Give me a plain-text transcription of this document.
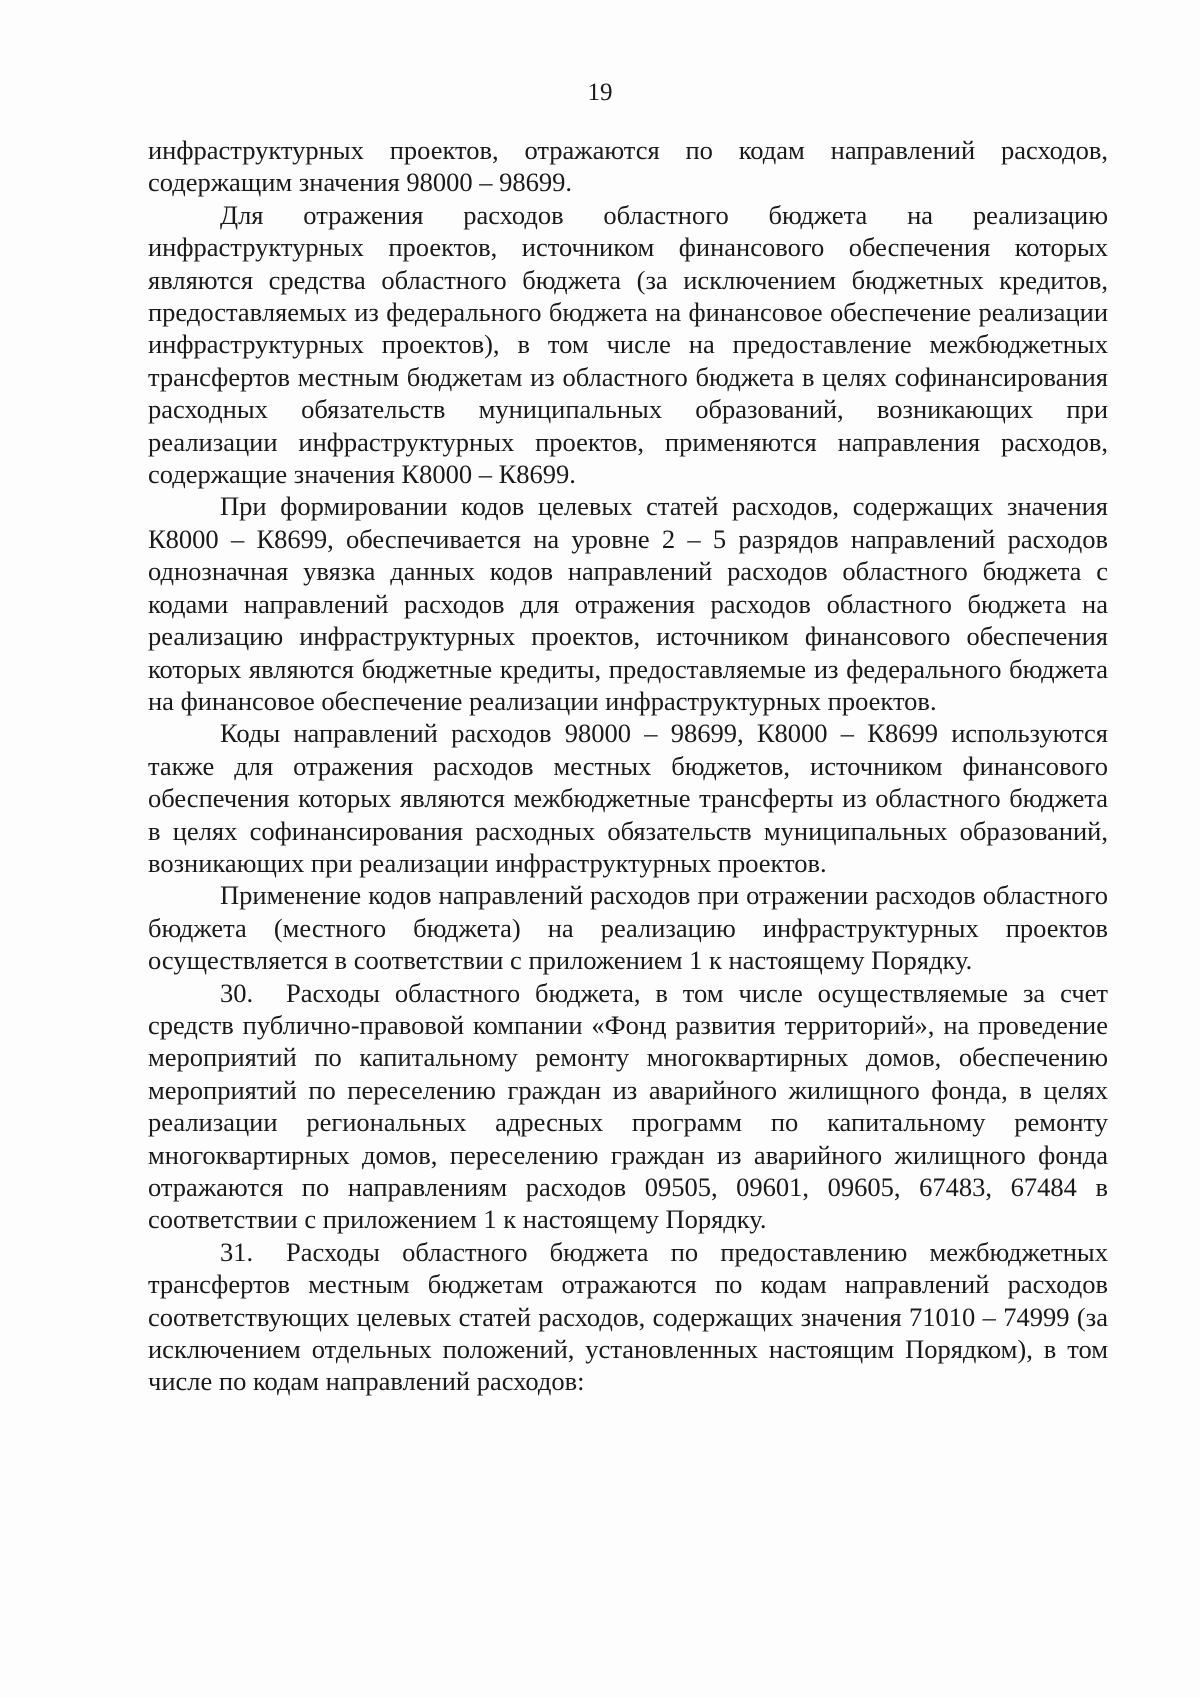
19

инфраструктурных проектов, отражаются по кодам направлений расходов, содержащим значения 98000 – 98699.

Для отражения расходов областного бюджета на реализацию инфраструктурных проектов, источником финансового обеспечения которых являются средства областного бюджета (за исключением бюджетных кредитов, предоставляемых из федерального бюджета на финансовое обеспечение реализации инфраструктурных проектов), в том числе на предоставление межбюджетных трансфертов местным бюджетам из областного бюджета в целях софинансирования расходных обязательств муниципальных образований, возникающих при реализации инфраструктурных проектов, применяются направления расходов, содержащие значения К8000 – К8699.

При формировании кодов целевых статей расходов, содержащих значения К8000 – К8699, обеспечивается на уровне 2 – 5 разрядов направлений расходов однозначная увязка данных кодов направлений расходов областного бюджета с кодами направлений расходов для отражения расходов областного бюджета на реализацию инфраструктурных проектов, источником финансового обеспечения которых являются бюджетные кредиты, предоставляемые из федерального бюджета на финансовое обеспечение реализации инфраструктурных проектов.

Коды направлений расходов 98000 – 98699, К8000 – К8699 используются также для отражения расходов местных бюджетов, источником финансового обеспечения которых являются межбюджетные трансферты из областного бюджета в целях софинансирования расходных обязательств муниципальных образований, возникающих при реализации инфраструктурных проектов.

Применение кодов направлений расходов при отражении расходов областного бюджета (местного бюджета) на реализацию инфраструктурных проектов осуществляется в соответствии с приложением 1 к настоящему Порядку.

30. Расходы областного бюджета, в том числе осуществляемые за счет средств публично-правовой компании «Фонд развития территорий», на проведение мероприятий по капитальному ремонту многоквартирных домов, обеспечению мероприятий по переселению граждан из аварийного жилищного фонда, в целях реализации региональных адресных программ по капитальному ремонту многоквартирных домов, переселению граждан из аварийного жилищного фонда отражаются по направлениям расходов 09505, 09601, 09605, 67483, 67484 в соответствии с приложением 1 к настоящему Порядку.

31. Расходы областного бюджета по предоставлению межбюджетных трансфертов местным бюджетам отражаются по кодам направлений расходов соответствующих целевых статей расходов, содержащих значения 71010 – 74999 (за исключением отдельных положений, установленных настоящим Порядком), в том числе по кодам направлений расходов:
